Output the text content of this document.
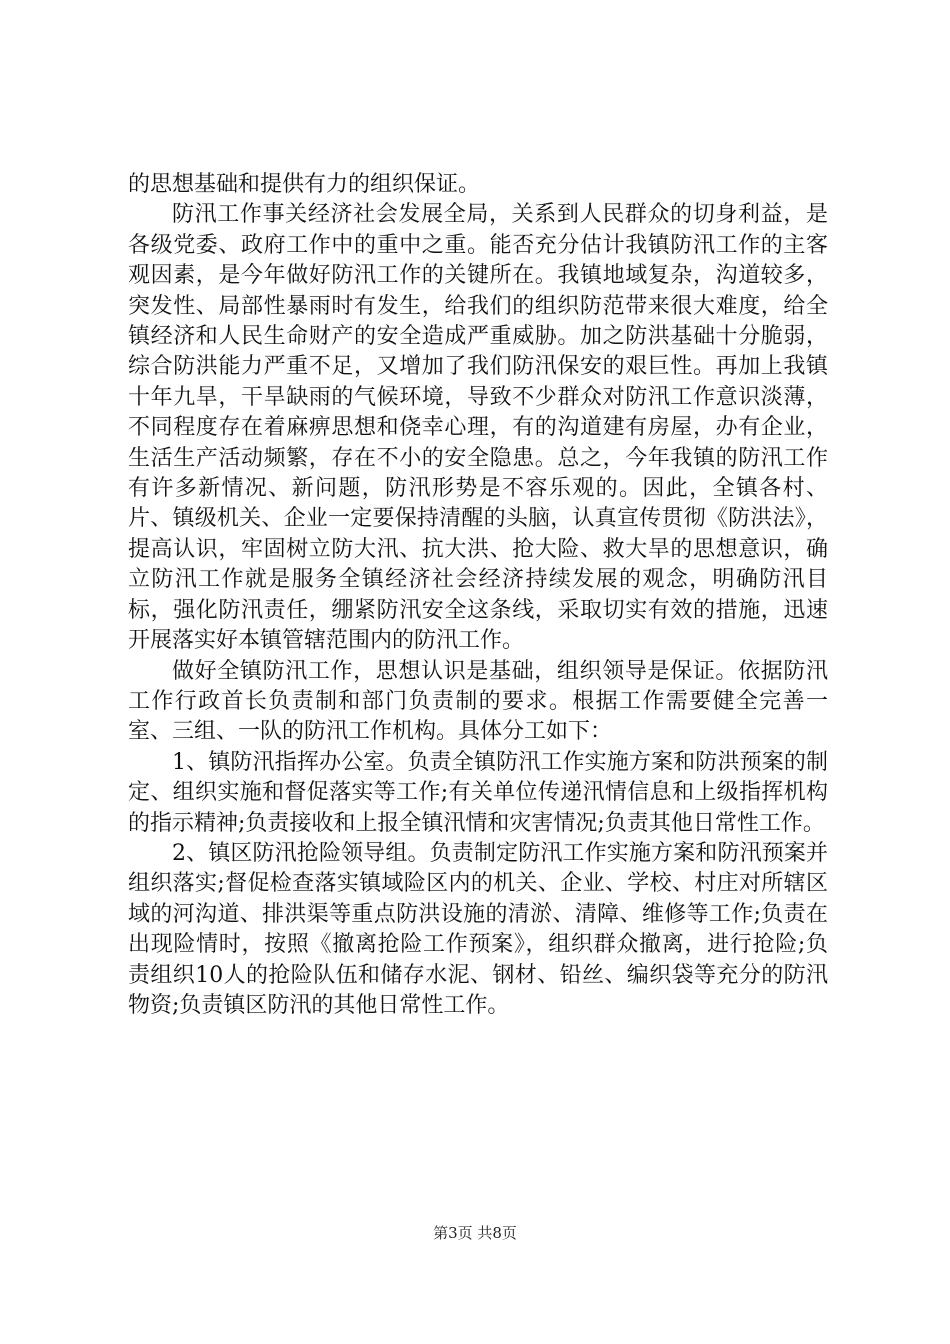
的思想基础和提供有力的组织保证。

防汛工作事关经济社会发展全局，关系到人民群众的切身利益，是各级党委、政府工作中的重中之重。能否充分估计我镇防汛工作的主客观因素，是今年做好防汛工作的关键所在。我镇地域复杂，沟道较多，突发性、局部性暴雨时有发生，给我们的组织防范带来很大难度，给全镇经济和人民生命财产的安全造成严重威胁。加之防洪基础十分脆弱，综合防洪能力严重不足，又增加了我们防汛保安的艰巨性。再加上我镇十年九旱，干旱缺雨的气候环境，导致不少群众对防汛工作意识淡薄，不同程度存在着麻痹思想和侥幸心理，有的沟道建有房屋，办有企业，生活生产活动频繁，存在不小的安全隐患。总之，今年我镇的防汛工作有许多新情况、新问题，防汛形势是不容乐观的。因此，全镇各村、片、镇级机关、企业一定要保持清醒的头脑，认真宣传贯彻《防洪法》，提高认识，牢固树立防大汛、抗大洪、抢大险、救大旱的思想意识，确立防汛工作就是服务全镇经济社会经济持续发展的观念，明确防汛目标，强化防汛责任，绷紧防汛安全这条线，采取切实有效的措施，迅速开展落实好本镇管辖范围内的防汛工作。

做好全镇防汛工作，思想认识是基础，组织领导是保证。依据防汛工作行政首长负责制和部门负责制的要求。根据工作需要健全完善一室、三组、一队的防汛工作机构。具体分工如下：

1、镇防汛指挥办公室。负责全镇防汛工作实施方案和防洪预案的制定、组织实施和督促落实等工作;有关单位传递汛情信息和上级指挥机构的指示精神;负责接收和上报全镇汛情和灾害情况;负责其他日常性工作。

2、镇区防汛抢险领导组。负责制定防汛工作实施方案和防汛预案并组织落实;督促检查落实镇域险区内的机关、企业、学校、村庄对所辖区域的河沟道、排洪渠等重点防洪设施的清淤、清障、维修等工作;负责在出现险情时，按照《撤离抢险工作预案》，组织群众撤离，进行抢险;负责组织10人的抢险队伍和储存水泥、钢材、铅丝、编织袋等充分的防汛物资;负责镇区防汛的其他日常性工作。

第3页 共8页
